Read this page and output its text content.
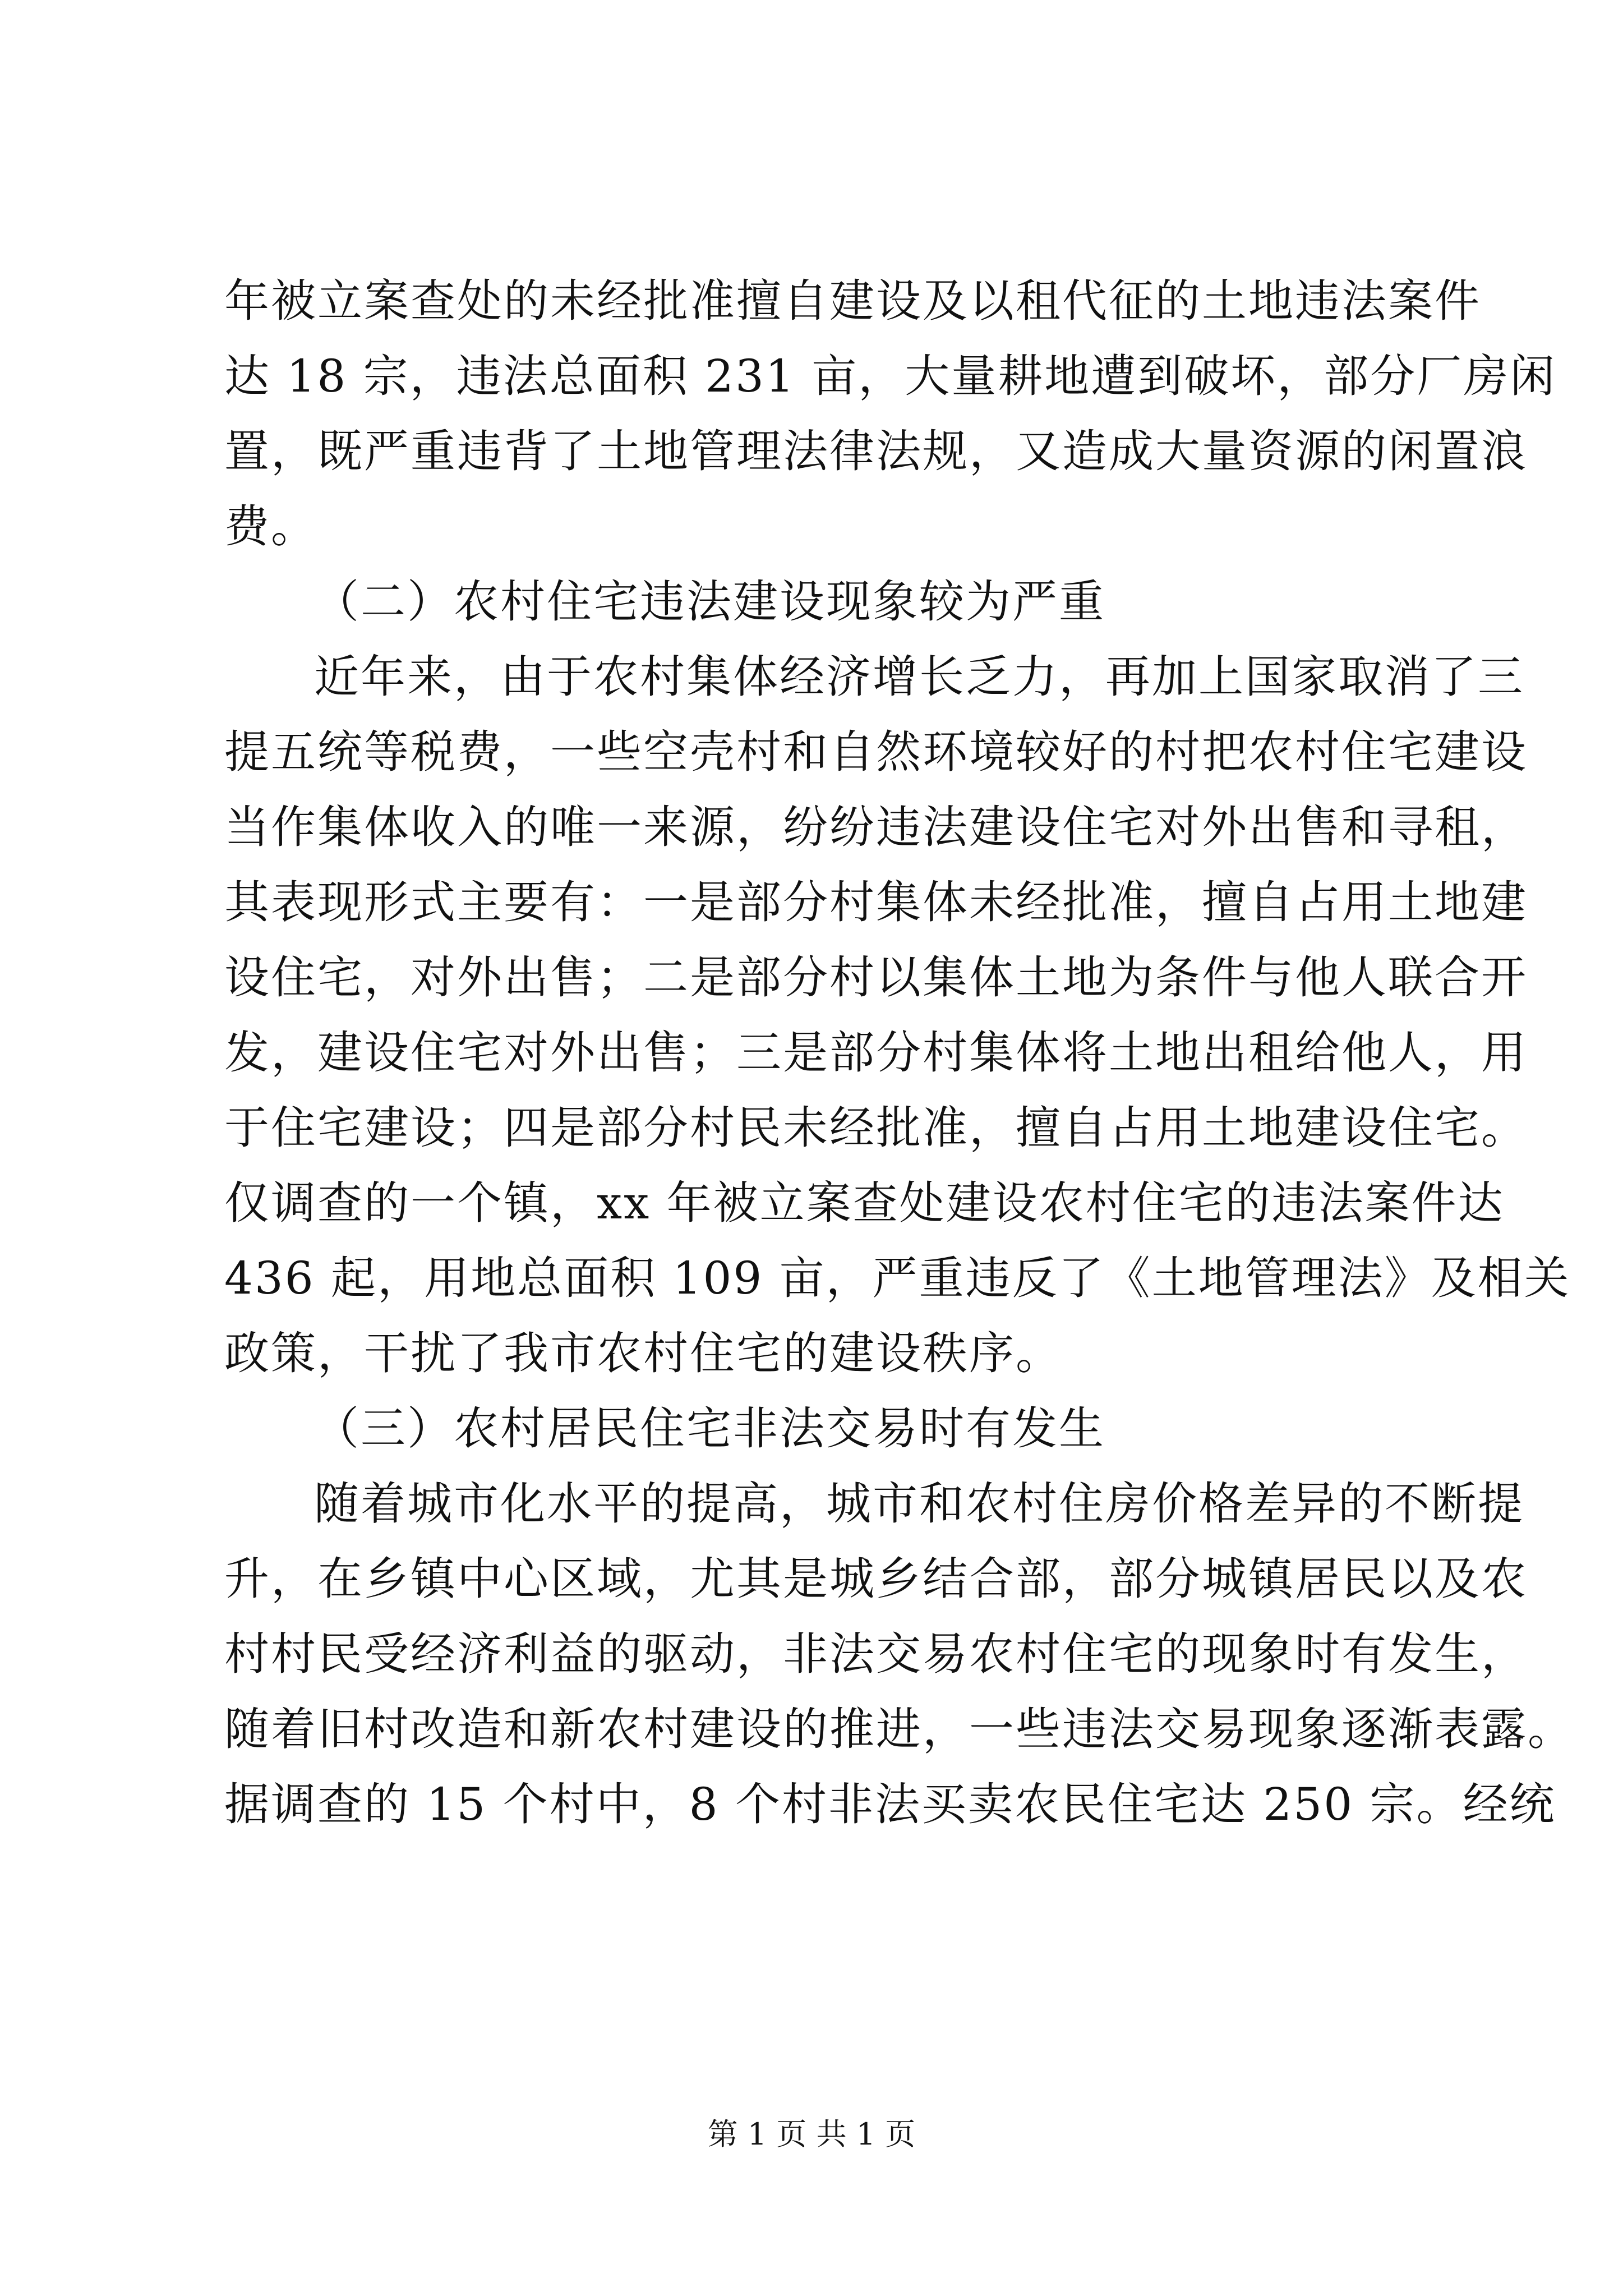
年被立案查处的未经批准擅自建设及以租代征的土地违法案件
达 18 宗，违法总面积 231 亩，大量耕地遭到破坏，部分厂房闲
置，既严重违背了土地管理法律法规，又造成大量资源的闲置浪
费。
（二）农村住宅违法建设现象较为严重
近年来，由于农村集体经济增长乏力，再加上国家取消了三
提五统等税费，一些空壳村和自然环境较好的村把农村住宅建设
当作集体收入的唯一来源，纷纷违法建设住宅对外出售和寻租，
其表现形式主要有：一是部分村集体未经批准，擅自占用土地建
设住宅，对外出售；二是部分村以集体土地为条件与他人联合开
发，建设住宅对外出售；三是部分村集体将土地出租给他人，用
于住宅建设；四是部分村民未经批准，擅自占用土地建设住宅。
仅调查的一个镇，xx 年被立案查处建设农村住宅的违法案件达
436 起，用地总面积 109 亩，严重违反了《土地管理法》及相关
政策，干扰了我市农村住宅的建设秩序。
（三）农村居民住宅非法交易时有发生
随着城市化水平的提高，城市和农村住房价格差异的不断提
升，在乡镇中心区域，尤其是城乡结合部，部分城镇居民以及农
村村民受经济利益的驱动，非法交易农村住宅的现象时有发生，
随着旧村改造和新农村建设的推进，一些违法交易现象逐渐表露。
据调查的 15 个村中，8 个村非法买卖农民住宅达 250 宗。经统
第 1 页 共 1 页
